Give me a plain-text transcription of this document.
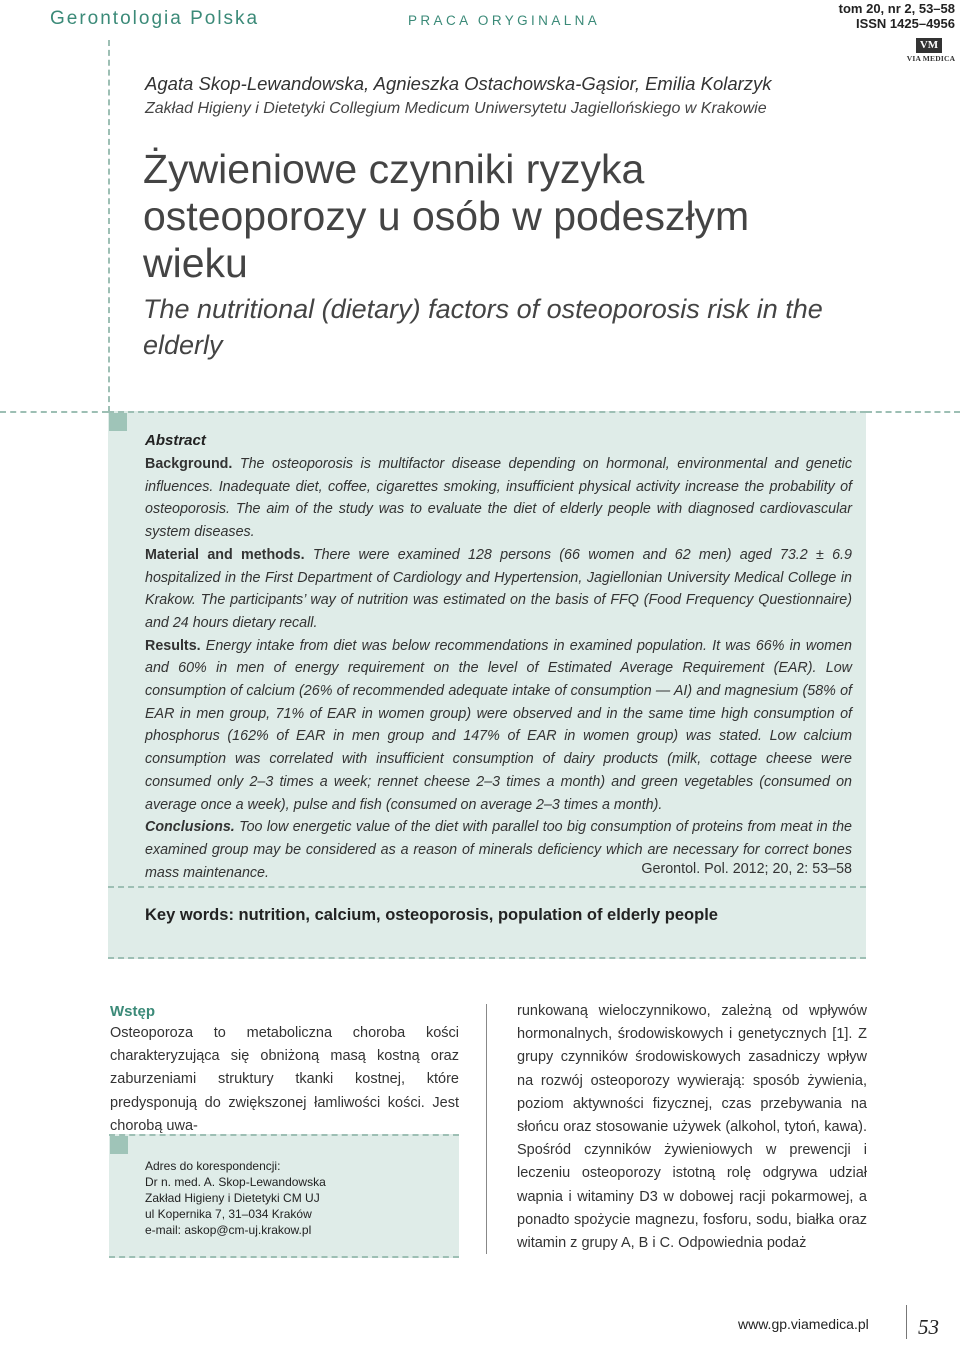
Gerontologia Polska	PRACA ORYGINALNA
tom 20, nr 2, 53–58
ISSN 1425–4956
VM
VIA MEDICA
Agata Skop-Lewandowska, Agnieszka Ostachowska-Gąsior, Emilia Kolarzyk
Zakład Higieny i Dietetyki Collegium Medicum Uniwersytetu Jagiellońskiego w Krakowie
Żywieniowe czynniki ryzyka osteoporozy u osób w podeszłym wieku
The nutritional (dietary) factors of osteoporosis risk in the elderly
Abstract

Background. The osteoporosis is multifactor disease depending on hormonal, environmental and genetic influences. Inadequate diet, coffee, cigarettes smoking, insufficient physical activity increase the probability of osteoporosis. The aim of the study was to evaluate the diet of elderly people with diagnosed cardiovascular system diseases.

Material and methods. There were examined 128 persons (66 women and 62 men) aged 73.2 ± 6.9 hospitalized in the First Department of Cardiology and Hypertension, Jagiellonian University Medical College in Krakow. The participants’ way of nutrition was estimated on the basis of FFQ (Food Frequency Questionnaire) and 24 hours dietary recall.

Results. Energy intake from diet was below recommendations in examined population. It was 66% in women and 60% in men of energy requirement on the level of Estimated Average Requirement (EAR). Low consumption of calcium (26% of recommended adequate intake of consumption — AI) and magnesium (58% of EAR in men group, 71% of EAR in women group) were observed and in the same time high consumption of phosphorus (162% of EAR in men group and 147% of EAR in women group) was stated. Low calcium consumption was correlated with insufficient consumption of dairy products (milk, cottage cheese were consumed only 2–3 times a week; rennet cheese 2–3 times a month) and green vegetables (consumed on average once a week), pulse and fish (consumed on average 2–3 times a month).

Conclusions. Too low energetic value of the diet with parallel too big consumption of proteins from meat in the examined group may be considered as a reason of minerals deficiency which are necessary for correct bones mass maintenance.	Gerontol. Pol. 2012; 20, 2: 53–58
Key words: nutrition, calcium, osteoporosis, population of elderly people
Wstęp
Osteoporoza to metaboliczna choroba kości charakteryzująca się obniżoną masą kostną oraz zaburzeniami struktury tkanki kostnej, które predysponują do zwiększonej łamliwości kości. Jest chorobą uwa-
runkowaną wieloczynnikowo, zależną od wpływów hormonalnych, środowiskowych i genetycznych [1]. Z grupy czynników środowiskowych zasadniczy wpływ na rozwój osteoporozy wywierają: sposób żywienia, poziom aktywności fizycznej, czas przebywania na słońcu oraz stosowanie używek (alkohol, tytoń, kawa). Spośród czynników żywieniowych w prewencji i leczeniu osteoporozy istotną rolę odgrywa udział wapnia i witaminy D3 w dobowej racji pokarmowej, a ponadto spożycie magnezu, fosforu, sodu, białka oraz witamin z grupy A, B i C. Odpowiednia podaż
Adres do korespondencji:
Dr n. med. A. Skop-Lewandowska
Zakład Higieny i Dietetyki CM UJ
ul Kopernika 7, 31–034 Kraków
e-mail: askop@cm-uj.krakow.pl
www.gp.viamedica.pl 53
